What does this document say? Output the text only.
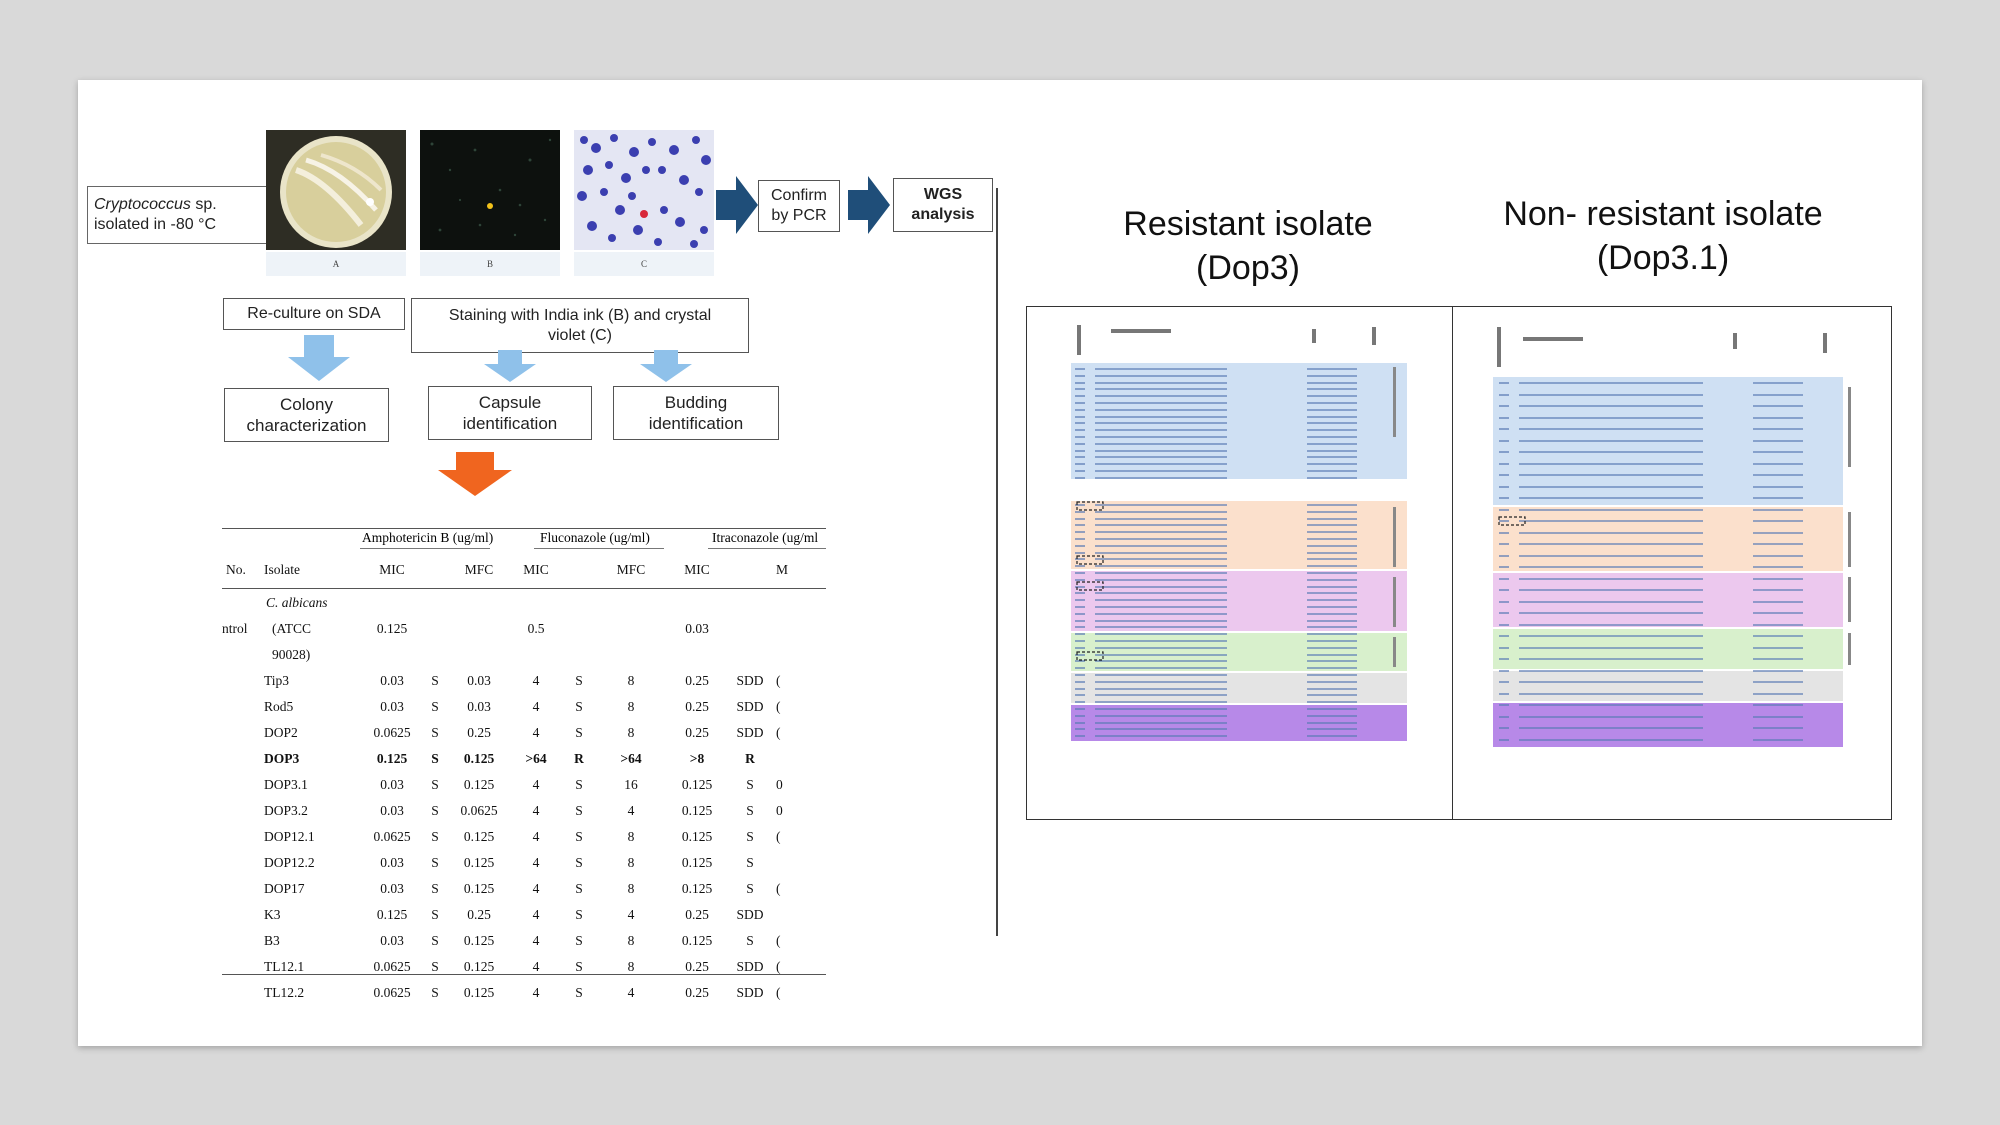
Cryptococcus sp.
isolated in -80 °C
A	B	C
Confirm
by PCR
WGS
analysis
Re-culture on SDA	Staining with India ink (B) and crystal
violet (C)
Colony
characterization
Capsule
identification
Budding
identification
Amphotericin B (ug/ml)	Fluconazole (ug/ml)	Itraconazole (ug/ml
No.	Isolate	MIC		MFC	MIC		MFC	MIC		M

	C. albicans									
ntrol	(ATCC	0.125			0.5			0.03		
	90028)									
	Tip3	0.03	S	0.03	4	S	8	0.25	SDD	(
	Rod5	0.03	S	0.03	4	S	8	0.25	SDD	(
	DOP2	0.0625	S	0.25	4	S	8	0.25	SDD	(
	DOP3	0.125	S	0.125	>64	R	>64	>8	R	
	DOP3.1	0.03	S	0.125	4	S	16	0.125	S	0
	DOP3.2	0.03	S	0.0625	4	S	4	0.125	S	0
	DOP12.1	0.0625	S	0.125	4	S	8	0.125	S	(
	DOP12.2	0.03	S	0.125	4	S	8	0.125	S	
	DOP17	0.03	S	0.125	4	S	8	0.125	S	(
	K3	0.125	S	0.25	4	S	4	0.25	SDD	
	B3	0.03	S	0.125	4	S	8	0.125	S	(
	TL12.1	0.0625	S	0.125	4	S	8	0.25	SDD	(
	TL12.2	0.0625	S	0.125	4	S	4	0.25	SDD	(
Resistant isolate
(Dop3)
Non- resistant isolate
(Dop3.1)
